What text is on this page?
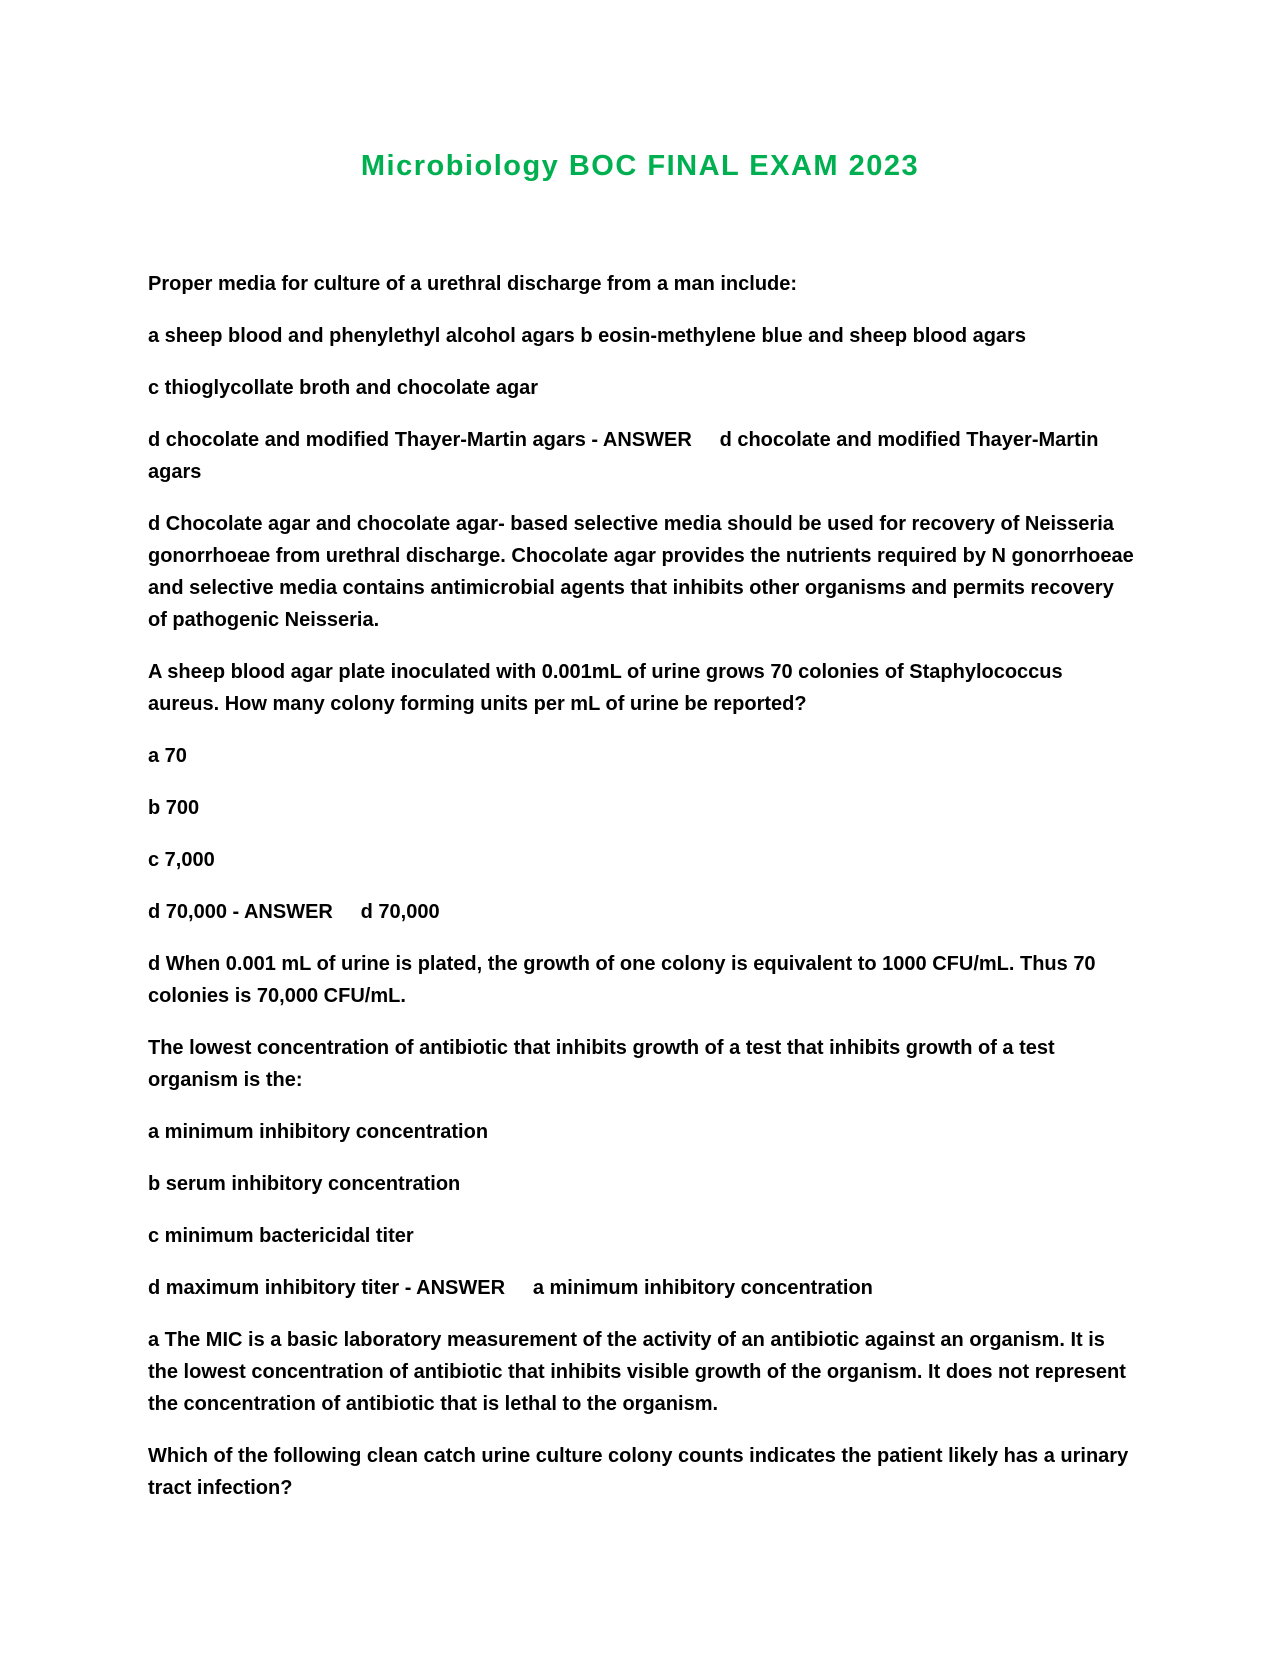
Microbiology BOC FINAL EXAM 2023

Proper media for culture of a urethral discharge from a man include:

a sheep blood and phenylethyl alcohol agars b eosin-methylene blue and sheep blood agars

c thioglycollate broth and chocolate agar

d chocolate and modified Thayer-Martin agars - ANSWER     d chocolate and modified Thayer-Martin agars

d Chocolate agar and chocolate agar- based selective media should be used for recovery of Neisseria gonorrhoeae from urethral discharge. Chocolate agar provides the nutrients required by N gonorrhoeae and selective media contains antimicrobial agents that inhibits other organisms and permits recovery of pathogenic Neisseria.

A sheep blood agar plate inoculated with 0.001mL of urine grows 70 colonies of Staphylococcus aureus. How many colony forming units per mL of urine be reported?

a 70

b 700

c 7,000

d 70,000 - ANSWER     d 70,000

d When 0.001 mL of urine is plated, the growth of one colony is equivalent to 1000 CFU/mL. Thus 70 colonies is 70,000 CFU/mL.

The lowest concentration of antibiotic that inhibits growth of a test that inhibits growth of a test organism is the:

a minimum inhibitory concentration

b serum inhibitory concentration

c minimum bactericidal titer

d maximum inhibitory titer - ANSWER     a minimum inhibitory concentration

a The MIC is a basic laboratory measurement of the activity of an antibiotic against an organism. It is the lowest concentration of antibiotic that inhibits visible growth of the organism. It does not represent the concentration of antibiotic that is lethal to the organism.

Which of the following clean catch urine culture colony counts indicates the patient likely has a urinary tract infection?
